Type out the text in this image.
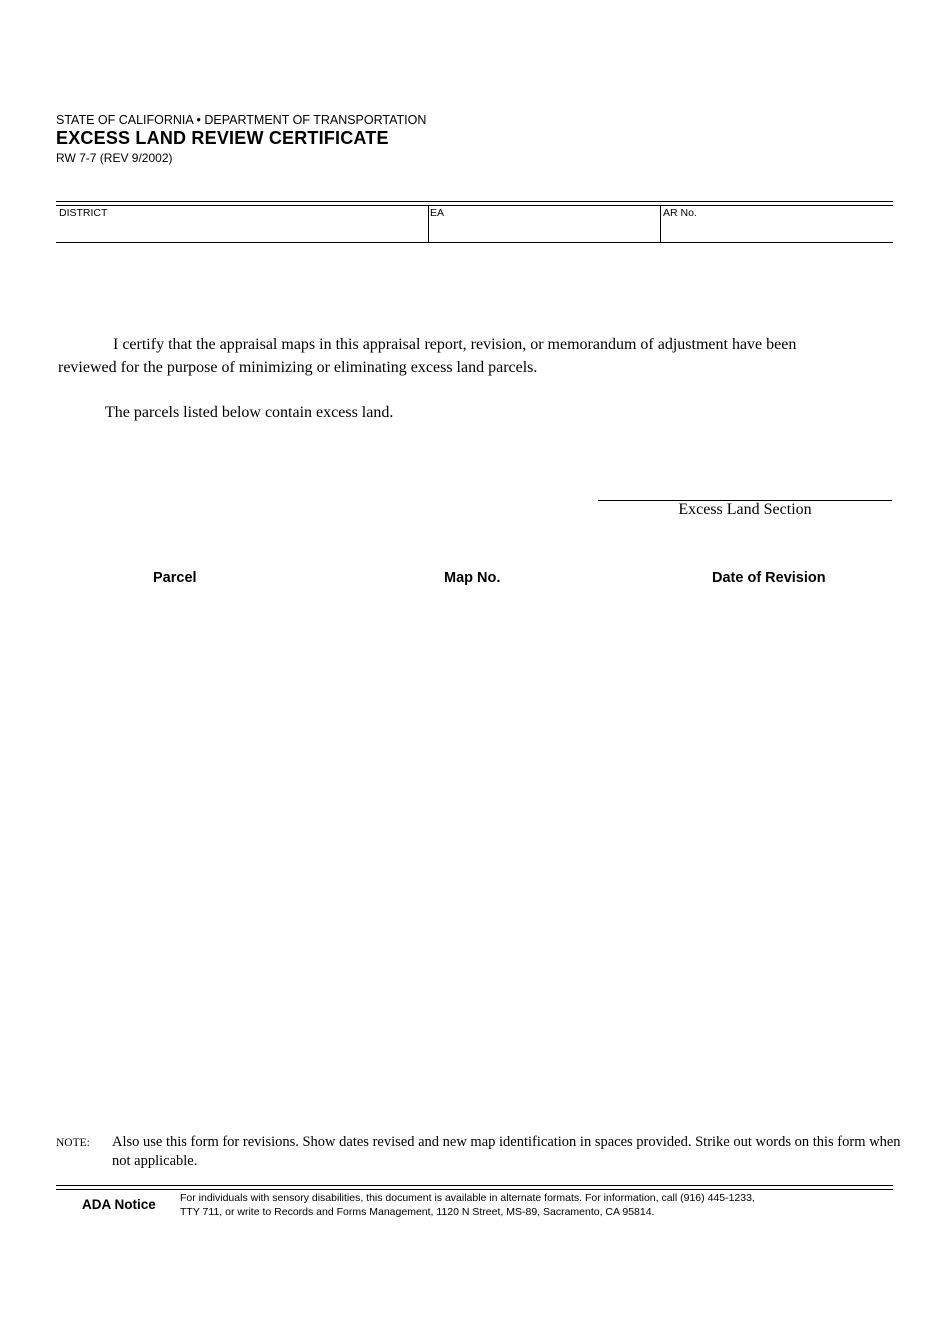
STATE OF CALIFORNIA • DEPARTMENT OF TRANSPORTATION
EXCESS LAND REVIEW CERTIFICATE
RW 7-7 (REV 9/2002)
DISTRICT	EA	AR No.
I certify that the appraisal maps in this appraisal report, revision, or memorandum of adjustment have been reviewed for the purpose of minimizing or eliminating excess land parcels.
The parcels listed below contain excess land.
Excess Land Section
Parcel	Map No.	Date of Revision
NOTE: Also use this form for revisions. Show dates revised and new map identification in spaces provided. Strike out words on this form when not applicable.
ADA Notice For individuals with sensory disabilities, this document is available in alternate formats. For information, call (916) 445-1233,
TTY 711, or write to Records and Forms Management, 1120 N Street, MS-89, Sacramento, CA 95814.
